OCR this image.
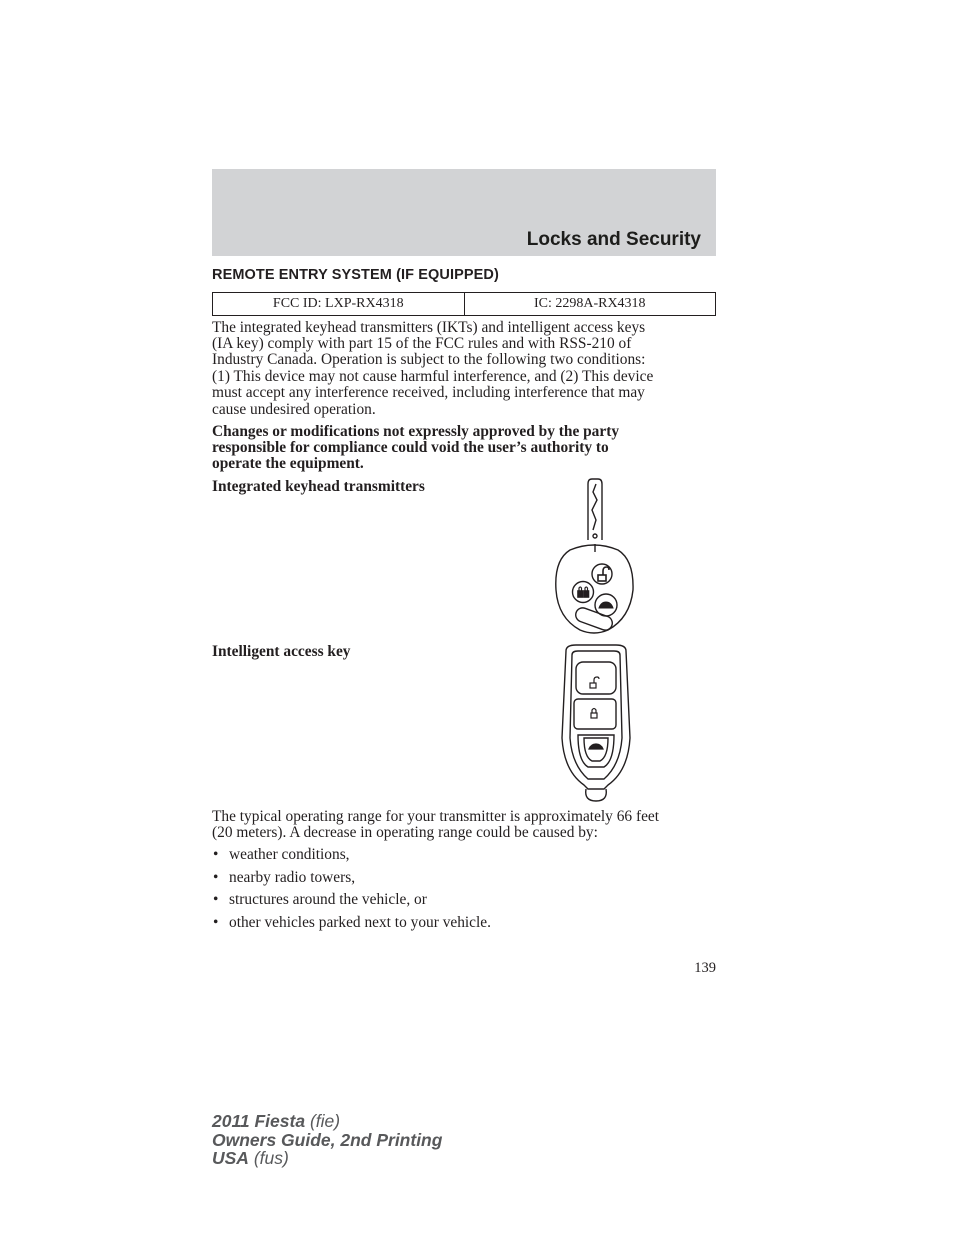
Locks and Security
REMOTE ENTRY SYSTEM (IF EQUIPPED)
FCC ID: LXP-RX4318	IC: 2298A-RX4318
The integrated keyhead transmitters (IKTs) and intelligent access keys
(IA key) comply with part 15 of the FCC rules and with RSS-210 of
Industry Canada. Operation is subject to the following two conditions:
(1) This device may not cause harmful interference, and (2) This device
must accept any interference received, including interference that may
cause undesired operation.
Changes or modifications not expressly approved by the party
responsible for compliance could void the user’s authority to
operate the equipment.
Integrated keyhead transmitters
Intelligent access key
The typical operating range for your transmitter is approximately 66 feet
(20 meters). A decrease in operating range could be caused by:
• weather conditions,
• nearby radio towers,
• structures around the vehicle, or
• other vehicles parked next to your vehicle.
139
2011 Fiesta (fie)
Owners Guide, 2nd Printing
USA (fus)
